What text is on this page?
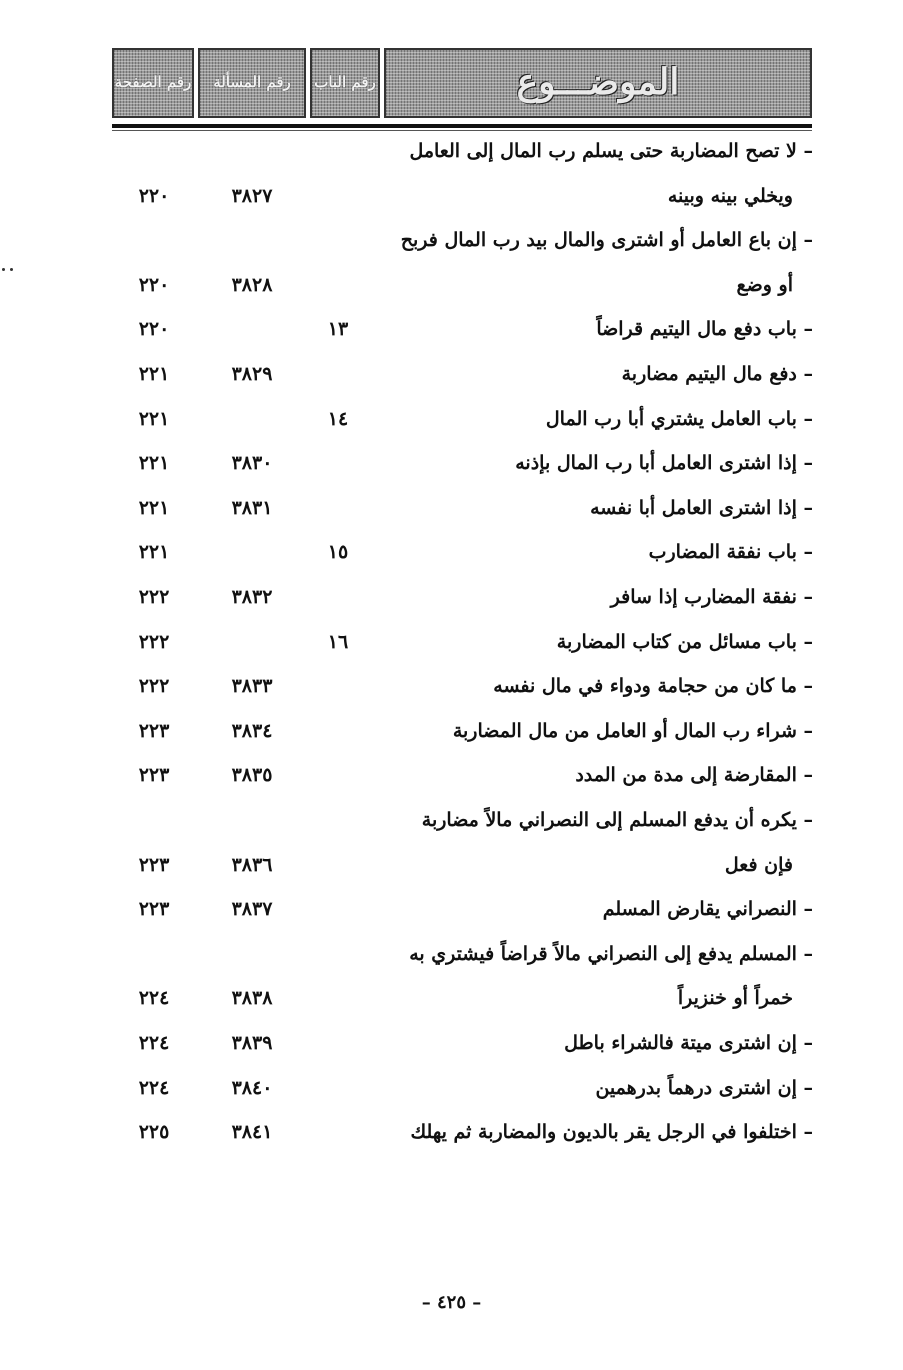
رقم الصفحة رقم المسألة رقم الباب	الموضـــوع
– لا تصح المضاربة حتى يسلم رب المال إلى العامل
ويخلي بينه وبينه
٣٨٢٧
٢٢٠
– إن باع العامل أو اشترى والمال بيد رب المال فربح
أو وضع
٣٨٢٨
٢٢٠
– باب دفع مال اليتيم قراضاً
١٣
٢٢٠
– دفع مال اليتيم مضاربة
٣٨٢٩
٢٢١
– باب العامل يشتري أبا رب المال
١٤
٢٢١
– إذا اشترى العامل أبا رب المال بإذنه
٣٨٣٠
٢٢١
– إذا اشترى العامل أبا نفسه
٣٨٣١
٢٢١
– باب نفقة المضارب
١٥
٢٢١
– نفقة المضارب إذا سافر
٣٨٣٢
٢٢٢
– باب مسائل من كتاب المضاربة
١٦
٢٢٢
– ما كان من حجامة ودواء في مال نفسه
٣٨٣٣
٢٢٢
– شراء رب المال أو العامل من مال المضاربة
٣٨٣٤
٢٢٣
– المقارضة إلى مدة من المدد
٣٨٣٥
٢٢٣
– يكره أن يدفع المسلم إلى النصراني مالاً مضاربة
فإن فعل
٣٨٣٦
٢٢٣
– النصراني يقارض المسلم
٣٨٣٧
٢٢٣
– المسلم يدفع إلى النصراني مالاً قراضاً فيشتري به
خمراً أو خنزيراً
٣٨٣٨
٢٢٤
– إن اشترى ميتة فالشراء باطل
٣٨٣٩
٢٢٤
– إن اشترى درهماً بدرهمين
٣٨٤٠
٢٢٤
– اختلفوا في الرجل يقر بالديون والمضاربة ثم يهلك
٣٨٤١
٢٢٥
– ٤٢٥ –
